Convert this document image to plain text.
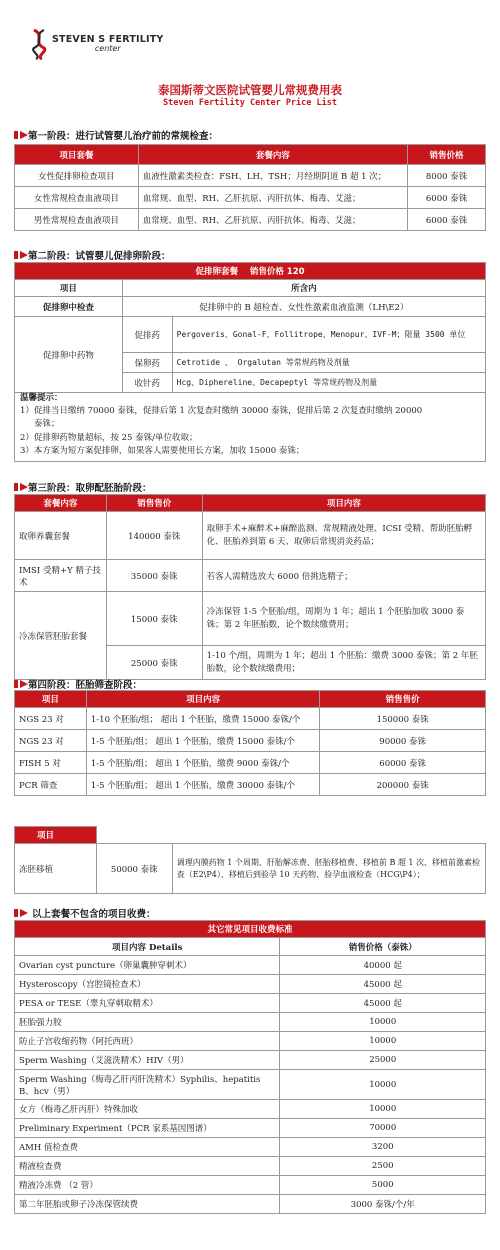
STEVEN S FERTILITY
center
泰国斯蒂文医院试管婴儿常规费用表
Steven Fertility Center Price List
第一阶段：进行试管婴儿治疗前的常规检查：
项目套餐	套餐内容	销售价格
女性促排卵检查项目	血液性激素类检查：FSH、LH、TSH；月经期阴道 B 超 1 次；	8000 泰铢
女性常规检查血液项目	血常规、血型、RH、乙肝抗原、丙肝抗体、梅毒、艾滋；	6000 泰铢
男性常规检查血液项目	血常规、血型、RH、乙肝抗原、丙肝抗体、梅毒、艾滋；	6000 泰铢
第二阶段：试管婴儿促排卵阶段：
促排卵套餐 销售价格 120		
项目	所含内	
促排卵中检查	促排卵中的 B 超检查、女性性激素血液监测（LH\E2）	
促排卵中药物	促排药	Pergoveris、Gonal-F、Follitrope、Menopur、IVF-M；限量 3500 单位
	保卵药	Cetrotide 、 Orgalutan 等常规药物及剂量
	收针药	Hcg、Diphereline、Decapeptyl 等常规药物及剂量
温馨提示：
1）促排当日缴纳 70000 泰铢，促排后第 1 次复查时缴纳 30000 泰铢，促排后第 2 次复查时缴纳 20000
泰铢；
2）促排卵药物量超标，按 25 泰铢/单位收取；
3）本方案为短方案促排卵，如果客人需要使用长方案，加收 15000 泰铢；
第三阶段：取卵配胚胎阶段：
套餐内容	销售售价	项目内容
取卵养囊套餐	140000 泰铢	取卵手术+麻醉术+麻醉监测、常规精液处理、ICSI 受精、帮助胚胎孵化、胚胎养到第 6 天、取卵后常规消炎药品；
IMSI 受精+Y 精子技术	35000 泰铢	若客人需精选放大 6000 倍挑选精子；
冷冻保管胚胎套餐	15000 泰铢	冷冻保管 1-5 个胚胎/组，周期为 1 年；超出 1 个胚胎加收 3000 泰铢；第 2 年胚胎数，论个数续缴费用；
	25000 泰铢	1-10 个/组，周期为 1 年；超出 1 个胚胎：缴费 3000 泰铢；第 2 年胚胎数，论个数续缴费用；
第四阶段：胚胎筛查阶段：
项目	项目内容	销售售价
NGS 23 对	1-10 个胚胎/组； 超出 1 个胚胎，缴费 15000 泰铢/个	150000 泰铢
NGS 23 对	1-5 个胚胎/组； 超出 1 个胚胎，缴费 15000 泰铢/个	90000 泰铢
FISH 5 对	1-5 个胚胎/组； 超出 1 个胚胎，缴费 9000 泰铢/个	60000 泰铢
PCR 筛查	1-5 个胚胎/组； 超出 1 个胚胎，缴费 30000 泰铢/个	200000 泰铢
项目		
冻胚移植	50000 泰铢	调理内膜药物 1 个周期、肝胎解冻费、胚胎移植费、移植前 B 超 1 次、移植前激素检查（E2\P4）、移植后到验孕 10 天药物、验孕血液检查（HCG\P4）；
以上套餐不包含的项目收费：
其它常见项目收费标准	
项目内容 Details	销售价格（泰铢）
Ovarian cyst puncture（卵巢囊肿穿刺术）	40000 起
Hysteroscopy（宫腔镜检查术）	45000 起
PESA or TESE（睾丸穿刺取精术）	45000 起
胚胎强力胶	10000
防止子宫收缩药物（阿托西班）	10000
Sperm Washing（艾滋洗精术）HIV（男）	25000
Sperm Washing（梅毒乙肝丙肝洗精术）Syphilis、hepatitis B、hcv（男）	10000
女方（梅毒乙肝丙肝）特殊加收	10000
Preliminary Experiment（PCR 家系基因图谱）	70000
AMH 值检查费	3200
精液检查费	2500
精液冷冻费 （2 管）	5000
第二年胚胎或卵子冷冻保管续费	3000 泰铢/个/年
